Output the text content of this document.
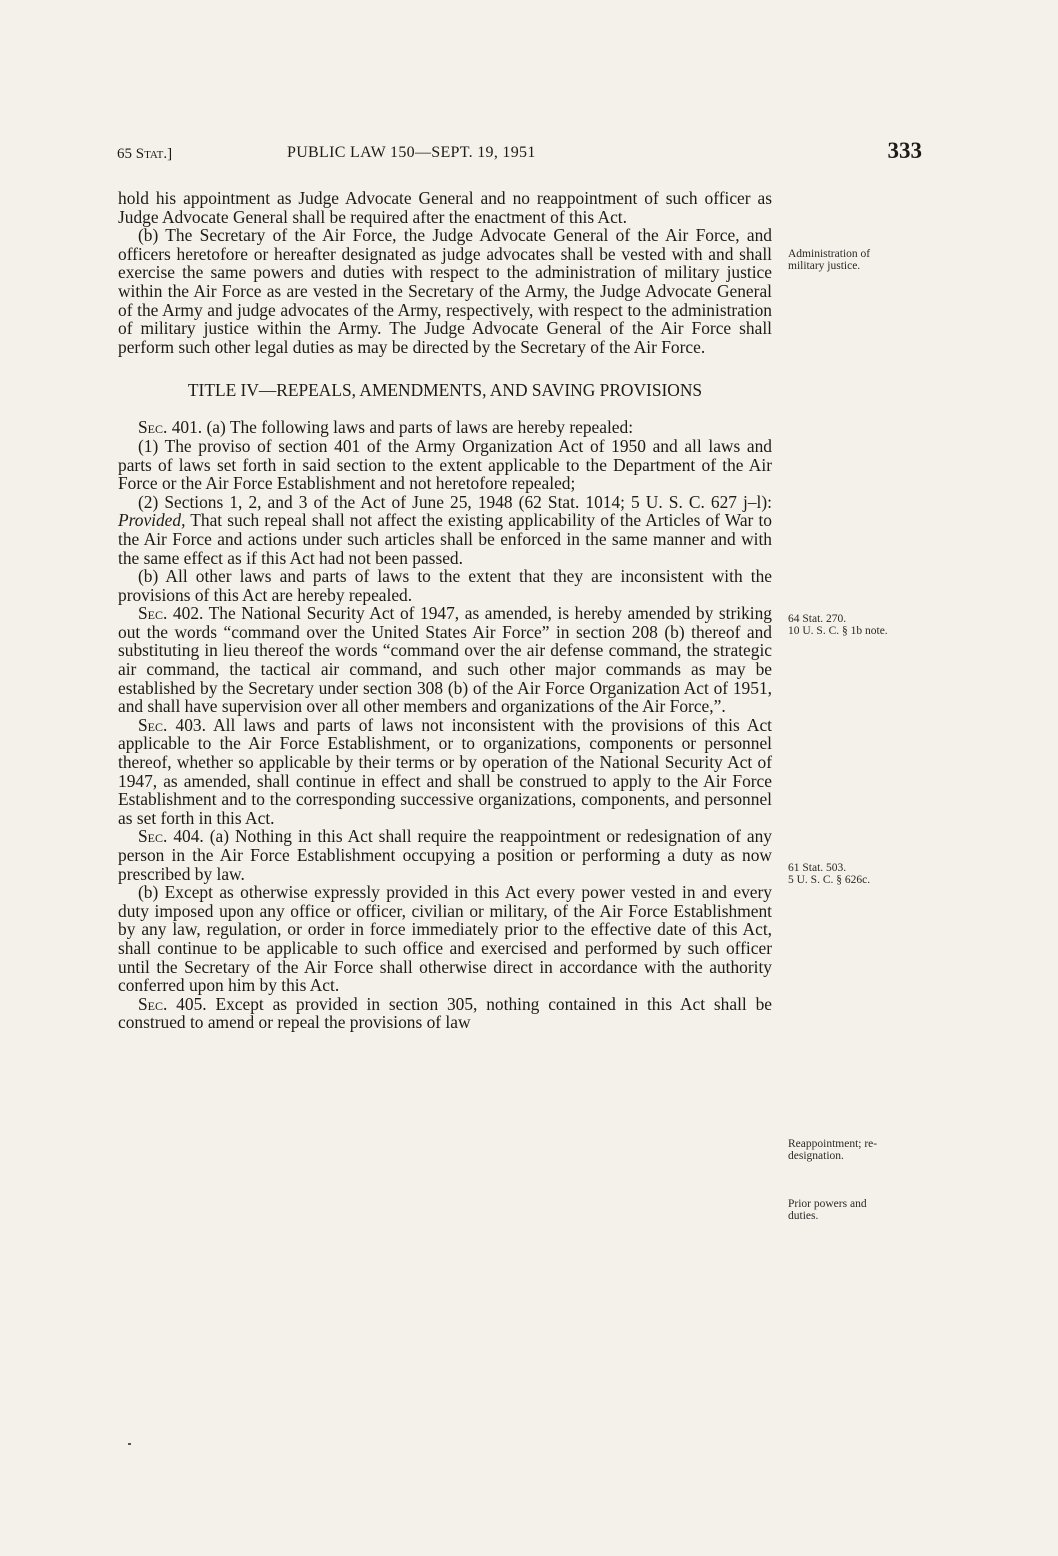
65 Stat.]	PUBLIC LAW 150—SEPT. 19, 1951	333

hold his appointment as Judge Advocate General and no reappointment of such officer as Judge Advocate General shall be required after the enactment of this Act.

(b) The Secretary of the Air Force, the Judge Advocate General of the Air Force, and officers heretofore or hereafter designated as judge advocates shall be vested with and shall exercise the same powers and duties with respect to the administration of military justice within the Air Force as are vested in the Secretary of the Army, the Judge Advocate General of the Army and judge advocates of the Army, respectively, with respect to the administration of military justice within the Army. The Judge Advocate General of the Air Force shall perform such other legal duties as may be directed by the Secretary of the Air Force.

TITLE IV—REPEALS, AMENDMENTS, AND SAVING PROVISIONS

Sec. 401. (a) The following laws and parts of laws are hereby repealed:

(1) The proviso of section 401 of the Army Organization Act of 1950 and all laws and parts of laws set forth in said section to the extent applicable to the Department of the Air Force or the Air Force Establishment and not heretofore repealed;

(2) Sections 1, 2, and 3 of the Act of June 25, 1948 (62 Stat. 1014; 5 U. S. C. 627 j–l): Provided, That such repeal shall not affect the existing applicability of the Articles of War to the Air Force and actions under such articles shall be enforced in the same manner and with the same effect as if this Act had not been passed.

(b) All other laws and parts of laws to the extent that they are inconsistent with the provisions of this Act are hereby repealed.

Sec. 402. The National Security Act of 1947, as amended, is hereby amended by striking out the words “command over the United States Air Force” in section 208 (b) thereof and substituting in lieu thereof the words “command over the air defense command, the strategic air command, the tactical air command, and such other major commands as may be established by the Secretary under section 308 (b) of the Air Force Organization Act of 1951, and shall have supervision over all other members and organizations of the Air Force,”.

Sec. 403. All laws and parts of laws not inconsistent with the provisions of this Act applicable to the Air Force Establishment, or to organizations, components or personnel thereof, whether so applicable by their terms or by operation of the National Security Act of 1947, as amended, shall continue in effect and shall be construed to apply to the Air Force Establishment and to the corresponding successive organizations, components, and personnel as set forth in this Act.

Sec. 404. (a) Nothing in this Act shall require the reappointment or redesignation of any person in the Air Force Establishment occupying a position or performing a duty as now prescribed by law.

(b) Except as otherwise expressly provided in this Act every power vested in and every duty imposed upon any office or officer, civilian or military, of the Air Force Establishment by any law, regulation, or order in force immediately prior to the effective date of this Act, shall continue to be applicable to such office and exercised and performed by such officer until the Secretary of the Air Force shall otherwise direct in accordance with the authority conferred upon him by this Act.

Sec. 405. Except as provided in section 305, nothing contained in this Act shall be construed to amend or repeal the provisions of law

Administration of
military justice.
64 Stat. 270.
10 U. S. C. § 1b note.
61 Stat. 503.
5 U. S. C. § 626c.
Reappointment; re-
designation.
Prior powers and
duties.
